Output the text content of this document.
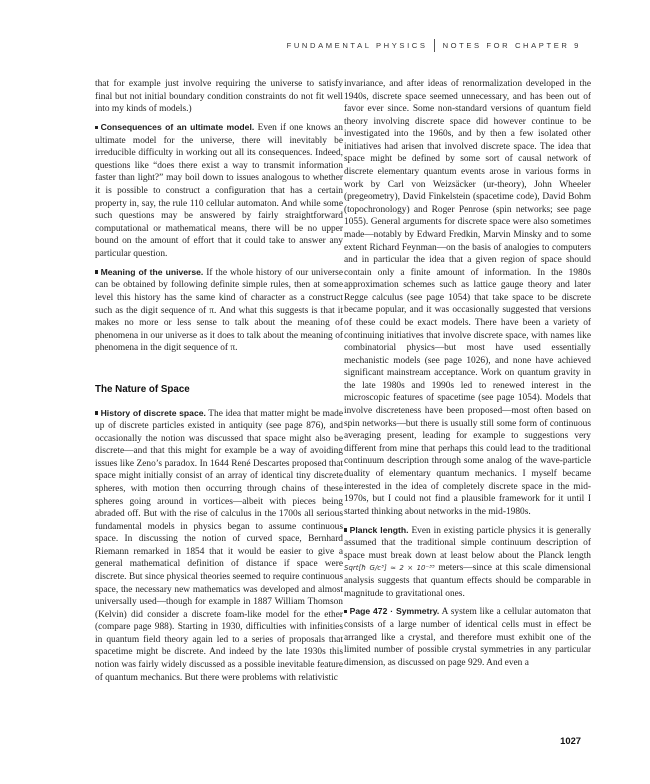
FUNDAMENTAL PHYSICS NOTES FOR CHAPTER 9

that for example just involve requiring the universe to satisfy final but not initial boundary condition constraints do not fit well into my kinds of models.)

Consequences of an ultimate model. Even if one knows an ultimate model for the universe, there will inevitably be irreducible difficulty in working out all its consequences. Indeed, questions like “does there exist a way to transmit information faster than light?” may boil down to issues analogous to whether it is possible to construct a configuration that has a certain property in, say, the rule 110 cellular automaton. And while some such questions may be answered by fairly straightforward computational or mathematical means, there will be no upper bound on the amount of effort that it could take to answer any particular question.

Meaning of the universe. If the whole history of our universe can be obtained by following definite simple rules, then at some level this history has the same kind of character as a construct such as the digit sequence of π. And what this suggests is that it makes no more or less sense to talk about the meaning of phenomena in our universe as it does to talk about the meaning of phenomena in the digit sequence of π.

The Nature of Space

History of discrete space. The idea that matter might be made up of discrete particles existed in antiquity (see page 876), and occasionally the notion was discussed that space might also be discrete—and that this might for example be a way of avoiding issues like Zeno’s paradox. In 1644 René Descartes proposed that space might initially consist of an array of identical tiny discrete spheres, with motion then occurring through chains of these spheres going around in vortices—albeit with pieces being abraded off. But with the rise of calculus in the 1700s all serious fundamental models in physics began to assume continuous space. In discussing the notion of curved space, Bernhard Riemann remarked in 1854 that it would be easier to give a general mathematical definition of distance if space were discrete. But since physical theories seemed to require continuous space, the necessary new mathematics was developed and almost universally used—though for example in 1887 William Thomson (Kelvin) did consider a discrete foam-like model for the ether (compare page 988). Starting in 1930, difficulties with infinities in quantum field theory again led to a series of proposals that spacetime might be discrete. And indeed by the late 1930s this notion was fairly widely discussed as a possible inevitable feature of quantum mechanics. But there were problems with relativistic

invariance, and after ideas of renormalization developed in the 1940s, discrete space seemed unnecessary, and has been out of favor ever since. Some non-standard versions of quantum field theory involving discrete space did however continue to be investigated into the 1960s, and by then a few isolated other initiatives had arisen that involved discrete space. The idea that space might be defined by some sort of causal network of discrete elementary quantum events arose in various forms in work by Carl von Weizsäcker (ur-theory), John Wheeler (pregeometry), David Finkelstein (spacetime code), David Bohm (topochronology) and Roger Penrose (spin networks; see page 1055). General arguments for discrete space were also sometimes made—notably by Edward Fredkin, Marvin Minsky and to some extent Richard Feynman—on the basis of analogies to computers and in particular the idea that a given region of space should contain only a finite amount of information. In the 1980s approximation schemes such as lattice gauge theory and later Regge calculus (see page 1054) that take space to be discrete became popular, and it was occasionally suggested that versions of these could be exact models. There have been a variety of continuing initiatives that involve discrete space, with names like combinatorial physics—but most have used essentially mechanistic models (see page 1026), and none have achieved significant mainstream acceptance. Work on quantum gravity in the late 1980s and 1990s led to renewed interest in the microscopic features of spacetime (see page 1054). Models that involve discreteness have been proposed—most often based on spin networks—but there is usually still some form of continuous averaging present, leading for example to suggestions very different from mine that perhaps this could lead to the traditional continuum description through some analog of the wave-particle duality of elementary quantum mechanics. I myself became interested in the idea of completely discrete space in the mid-1970s, but I could not find a plausible framework for it until I started thinking about networks in the mid-1980s.

Planck length. Even in existing particle physics it is generally assumed that the traditional simple continuum description of space must break down at least below about the Planck length Sqrt[ħ G/c³] ≈ 2 × 10⁻³⁵ meters—since at this scale dimensional analysis suggests that quantum effects should be comparable in magnitude to gravitational ones.

Page 472 · Symmetry. A system like a cellular automaton that consists of a large number of identical cells must in effect be arranged like a crystal, and therefore must exhibit one of the limited number of possible crystal symmetries in any particular dimension, as discussed on page 929. And even a

1027
